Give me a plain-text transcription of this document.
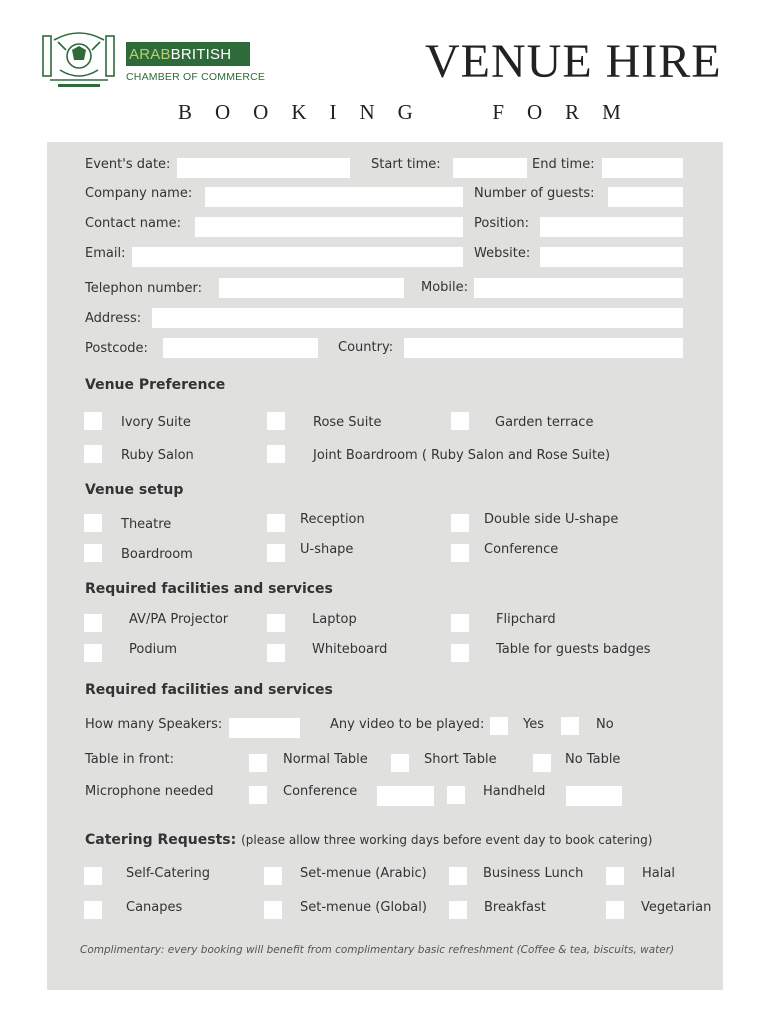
ARAB BRITISH
CHAMBER OF COMMERCE	VENUE HIRE
BOOKING  FORM
Event's date:	Start time:	End time:
Company name:	Number of guests:
Contact name:	Position:
Email:	Website:
Telephon number:	Mobile:
Address:
Postcode:	Country:
Venue Preference
Ivory Suite	Rose Suite	Garden terrace
Ruby Salon	Joint Boardroom ( Ruby Salon and Rose Suite)
Venue setup
Theatre	Reception	Double side U-shape
Boardroom	U-shape	Conference
Required facilities and services
AV/PA Projector	Laptop	Flipchard
Podium	Whiteboard	Table for guests badges
Required facilities and services
How many Speakers:	Any video to be played:	Yes	No
Table in front:	Normal Table	Short Table	No Table
Microphone needed	Conference	Handheld
Catering Requests: (please allow three working days before event day to book catering)
Self-Catering	Set-menue (Arabic)	Business Lunch	Halal
Canapes	Set-menue (Global)	Breakfast	Vegetarian
Complimentary: every booking will benefit from complimentary basic refreshment (Coffee & tea, biscuits, water)
